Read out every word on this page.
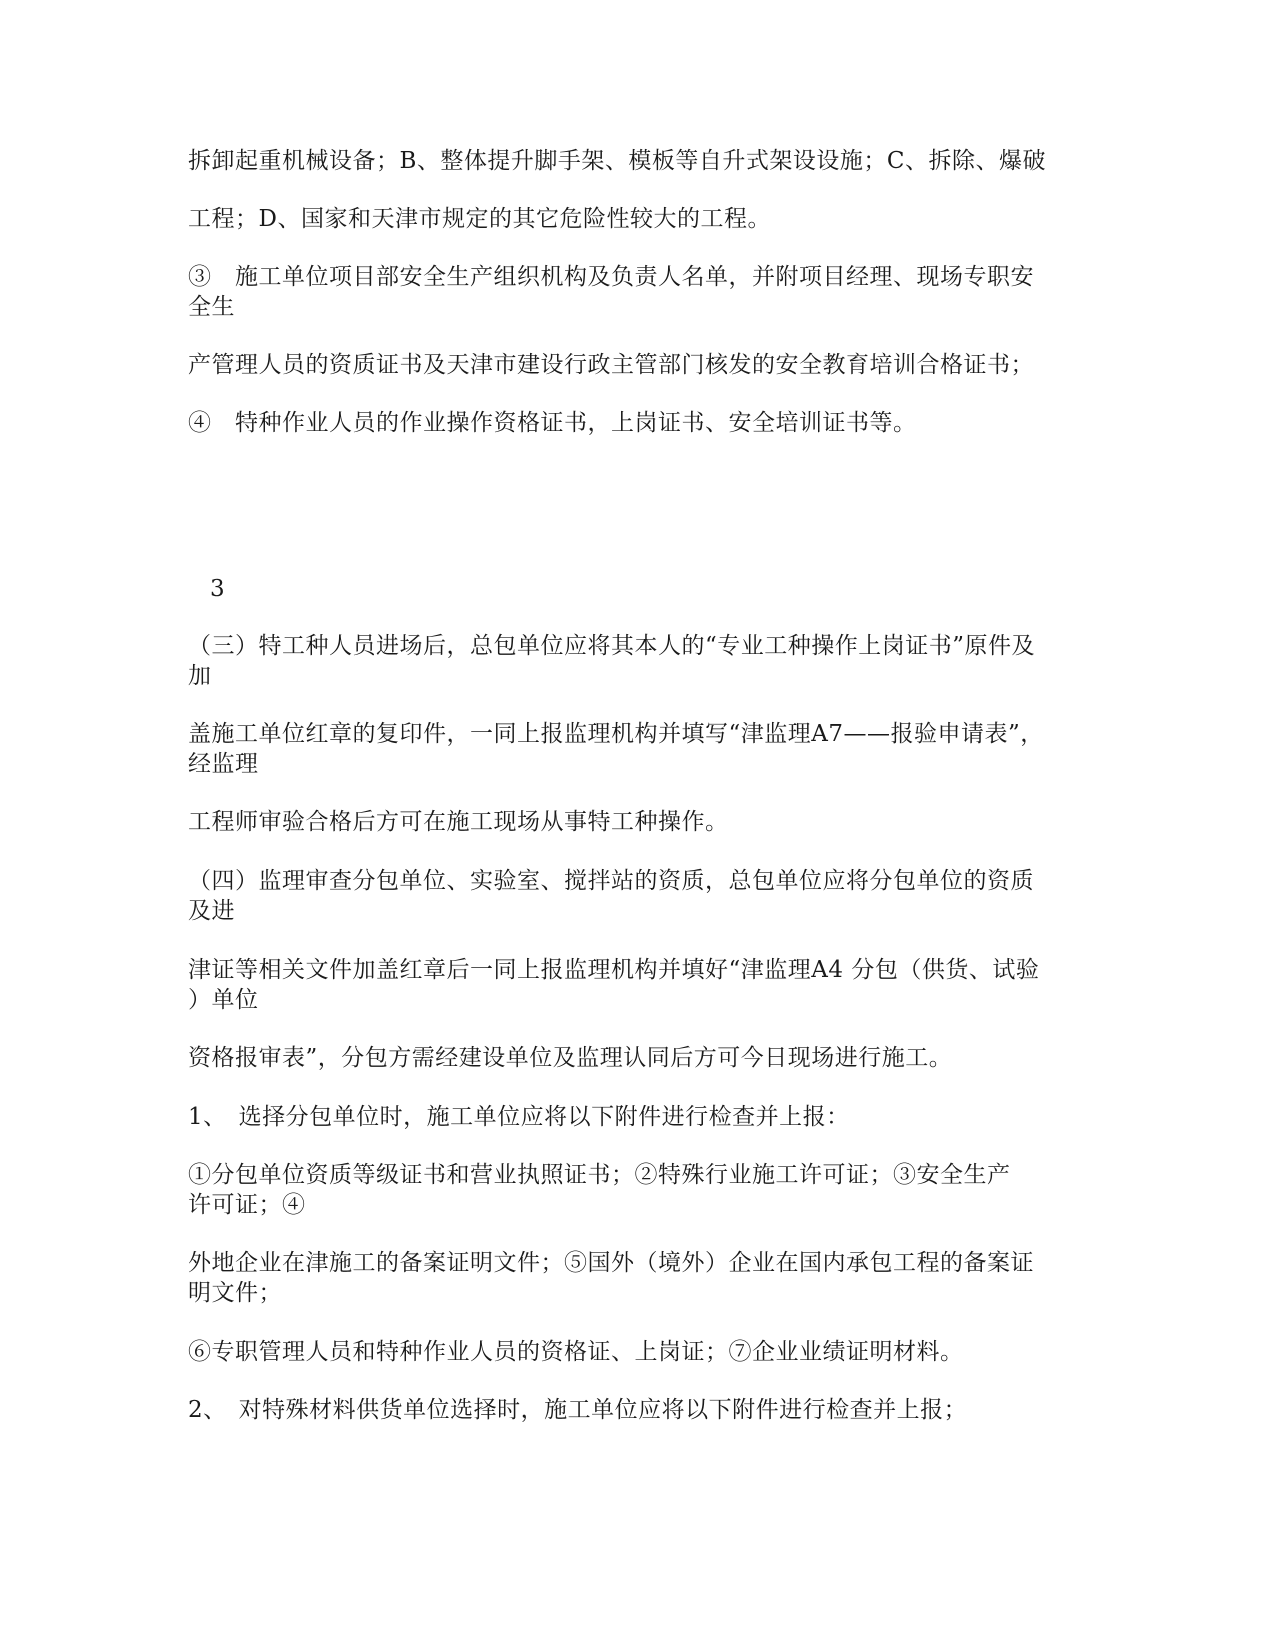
拆卸起重机械设备；B、整体提升脚手架、模板等自升式架设设施；C、拆除、爆破
工程；D、国家和天津市规定的其它危险性较大的工程。
③　施工单位项目部安全生产组织机构及负责人名单，并附项目经理、现场专职安
全生
产管理人员的资质证书及天津市建设行政主管部门核发的安全教育培训合格证书；
④　特种作业人员的作业操作资格证书，上岗证书、安全培训证书等。
3
（三）特工种人员进场后，总包单位应将其本人的“专业工种操作上岗证书”原件及
加
盖施工单位红章的复印件，一同上报监理机构并填写“津监理A7——报验申请表”，
经监理
工程师审验合格后方可在施工现场从事特工种操作。
（四）监理审查分包单位、实验室、搅拌站的资质，总包单位应将分包单位的资质
及进
津证等相关文件加盖红章后一同上报监理机构并填好“津监理A4 分包（供货、试验
）单位
资格报审表”，分包方需经建设单位及监理认同后方可今日现场进行施工。
1、　选择分包单位时，施工单位应将以下附件进行检查并上报：
①分包单位资质等级证书和营业执照证书；②特殊行业施工许可证；③安全生产
许可证；④
外地企业在津施工的备案证明文件；⑤国外（境外）企业在国内承包工程的备案证
明文件；
⑥专职管理人员和特种作业人员的资格证、上岗证；⑦企业业绩证明材料。
2、　对特殊材料供货单位选择时，施工单位应将以下附件进行检查并上报；
